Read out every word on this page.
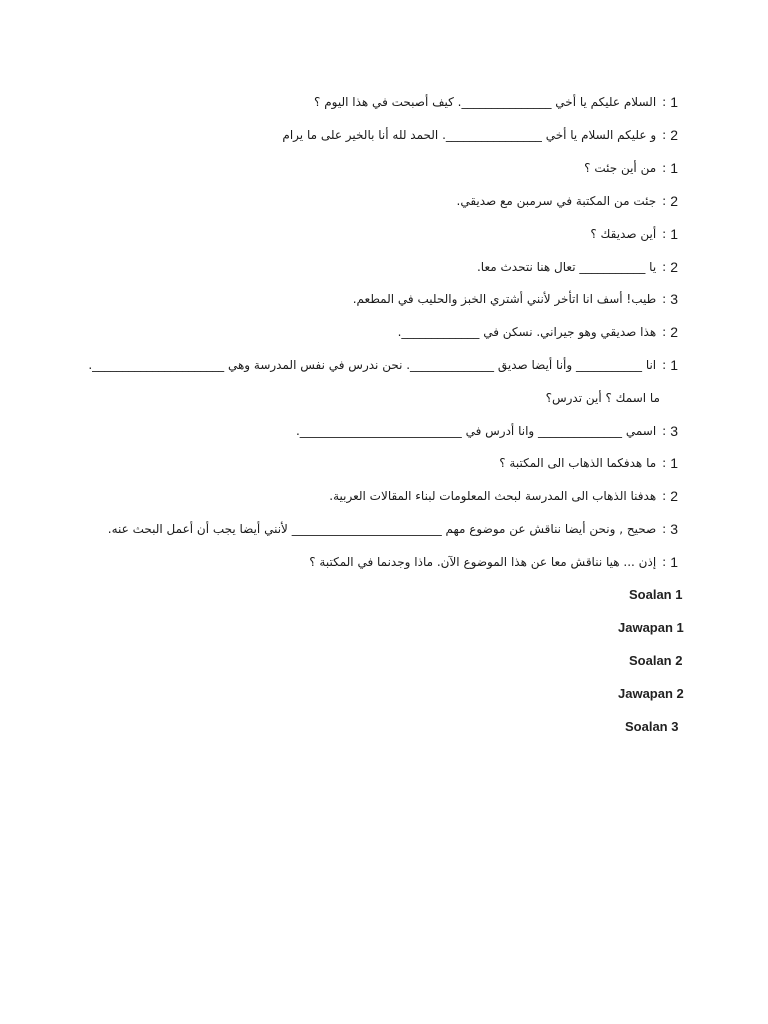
1
:
السلام عليكم يا أخي _______________. كيف أصبحت في هذا اليوم ؟
2
:
و عليكم السلام يا أخي ________________. الحمد لله أنا بالخير على ما يرام
1
:
من أين جئت ؟
2
:
جئت من المكتبة في سرمبن مع صديقي.
1
:
أين صديقك ؟
2
:
يا ___________ تعال هنا نتحدث معا.
3
:
طيب! أسف انا اتأخر لأنني أشتري الخبز والحليب في المطعم.
2
:
هذا صديقي وهو جيراني. نسكن في _____________.
1
:
انا ___________ وأنا أيضا صديق ______________. نحن ندرس في نفس المدرسة وهي ______________________.
ما اسمك ؟ أين تدرس؟
3
:
اسمي ______________ وانا أدرس في ___________________________.
1
:
ما هدفكما الذهاب الى المكتبة ؟
2
:
هدفنا الذهاب الى المدرسة لبحث المعلومات لبناء المقالات العربية.
3
:
صحيح , ونحن أيضا نناقش عن موضوع مهم _________________________ لأنني أيضا يجب أن أعمل البحث عنه.
1
:
إذن ... هيا نناقش معا عن هذا الموضوع الآن. ماذا وجدنما في المكتبة ؟
Soalan 1
Jawapan 1
Soalan 2
Jawapan 2
Soalan 3
